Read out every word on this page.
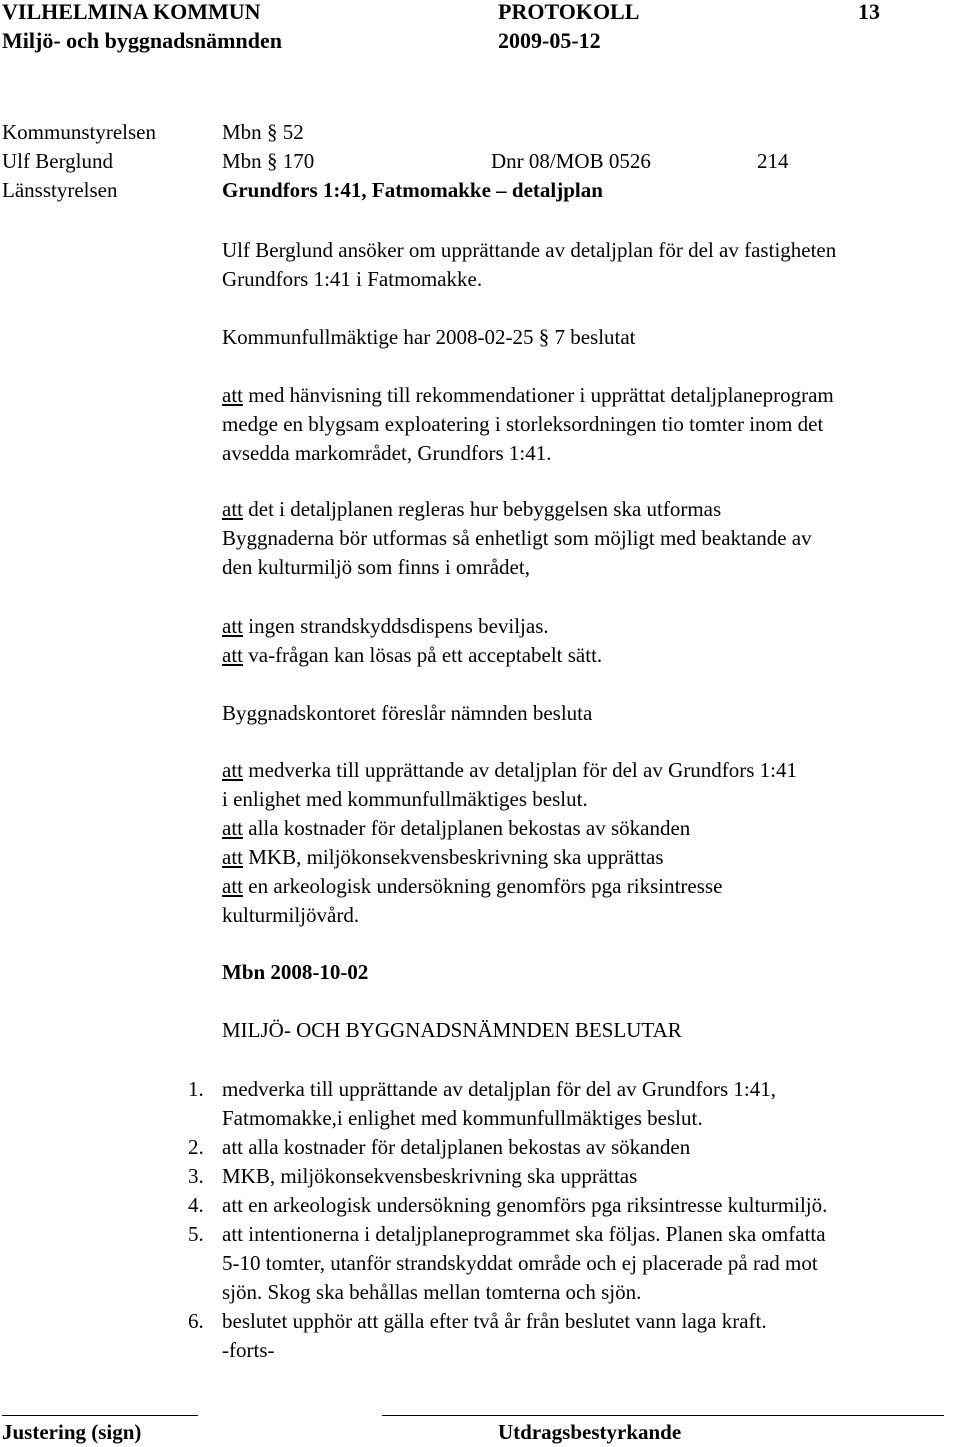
VILHELMINA KOMMUN	PROTOKOLL	13
Miljö- och byggnadsnämnden	2009-05-12
Kommunstyrelsen	Mbn § 52
Ulf Berglund	Mbn § 170	Dnr 08/MOB 0526	214
Länsstyrelsen	Grundfors 1:41, Fatmomakke – detaljplan
Ulf Berglund ansöker om upprättande av detaljplan för del av fastigheten
Grundfors 1:41 i Fatmomakke.
Kommunfullmäktige har 2008-02-25 § 7 beslutat
att med hänvisning till rekommendationer i upprättat detaljplaneprogram
medge en blygsam exploatering i storleksordningen tio tomter inom det
avsedda markområdet, Grundfors 1:41.
att det i detaljplanen regleras hur bebyggelsen ska utformas
Byggnaderna bör utformas så enhetligt som möjligt med beaktande av
den kulturmiljö som finns i området,
att ingen strandskyddsdispens beviljas.
att va-frågan kan lösas på ett acceptabelt sätt.
Byggnadskontoret föreslår nämnden besluta
att medverka till upprättande av detaljplan för del av Grundfors 1:41
i enlighet med kommunfullmäktiges beslut.
att alla kostnader för detaljplanen bekostas av sökanden
att MKB, miljökonsekvensbeskrivning ska upprättas
att en arkeologisk undersökning genomförs pga riksintresse
kulturmiljövård.
Mbn 2008-10-02
MILJÖ- OCH BYGGNADSNÄMNDEN BESLUTAR
1. medverka till upprättande av detaljplan för del av Grundfors 1:41,
Fatmomakke,i enlighet med kommunfullmäktiges beslut.
2. att alla kostnader för detaljplanen bekostas av sökanden
3. MKB, miljökonsekvensbeskrivning ska upprättas
4. att en arkeologisk undersökning genomförs pga riksintresse kulturmiljö.
5. att intentionerna i detaljplaneprogrammet ska följas. Planen ska omfatta
5-10 tomter, utanför strandskyddat område och ej placerade på rad mot
sjön. Skog ska behållas mellan tomterna och sjön.
6. beslutet upphör att gälla efter två år från beslutet vann laga kraft.
-forts-
Justering (sign)	Utdragsbestyrkande
